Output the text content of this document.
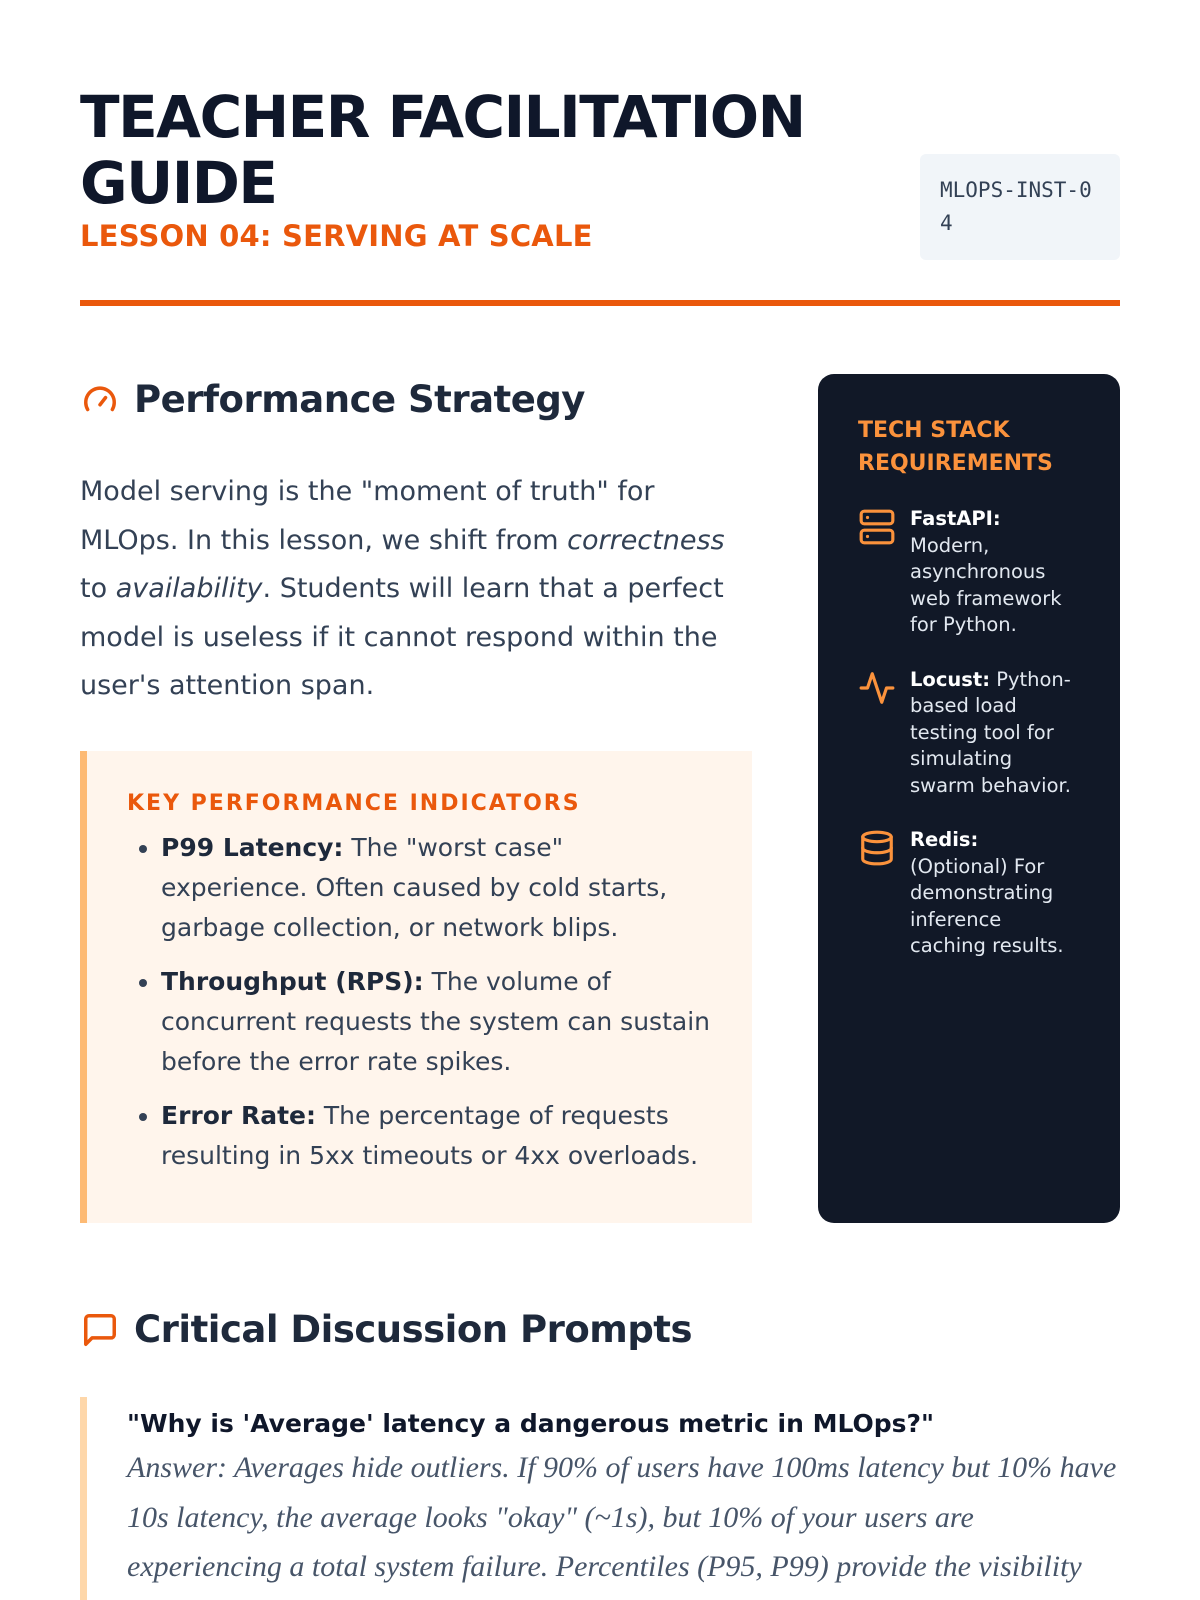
TEACHER FACILITATION GUIDE
LESSON 04: SERVING AT SCALE
MLOPS-INST-04
Performance Strategy

Model serving is the "moment of truth" for MLOps. In this lesson, we shift from correctness to availability. Students will learn that a perfect model is useless if it cannot respond within the user's attention span.

KEY PERFORMANCE INDICATORS
• P99 Latency: The "worst case" experience. Often caused by cold starts, garbage collection, or network blips.
• Throughput (RPS): The volume of concurrent requests the system can sustain before the error rate spikes.
• Error Rate: The percentage of requests resulting in 5xx timeouts or 4xx overloads.
TECH STACK REQUIREMENTS
FastAPI: Modern, asynchronous web framework for Python.
Locust: Python-based load testing tool for simulating swarm behavior.
Redis: (Optional) For demonstrating inference caching results.
Critical Discussion Prompts

"Why is 'Average' latency a dangerous metric in MLOps?"

Answer: Averages hide outliers. If 90% of users have 100ms latency but 10% have 10s latency, the average looks "okay" (~1s), but 10% of your users are experiencing a total system failure. Percentiles (P95, P99) provide the visibility
